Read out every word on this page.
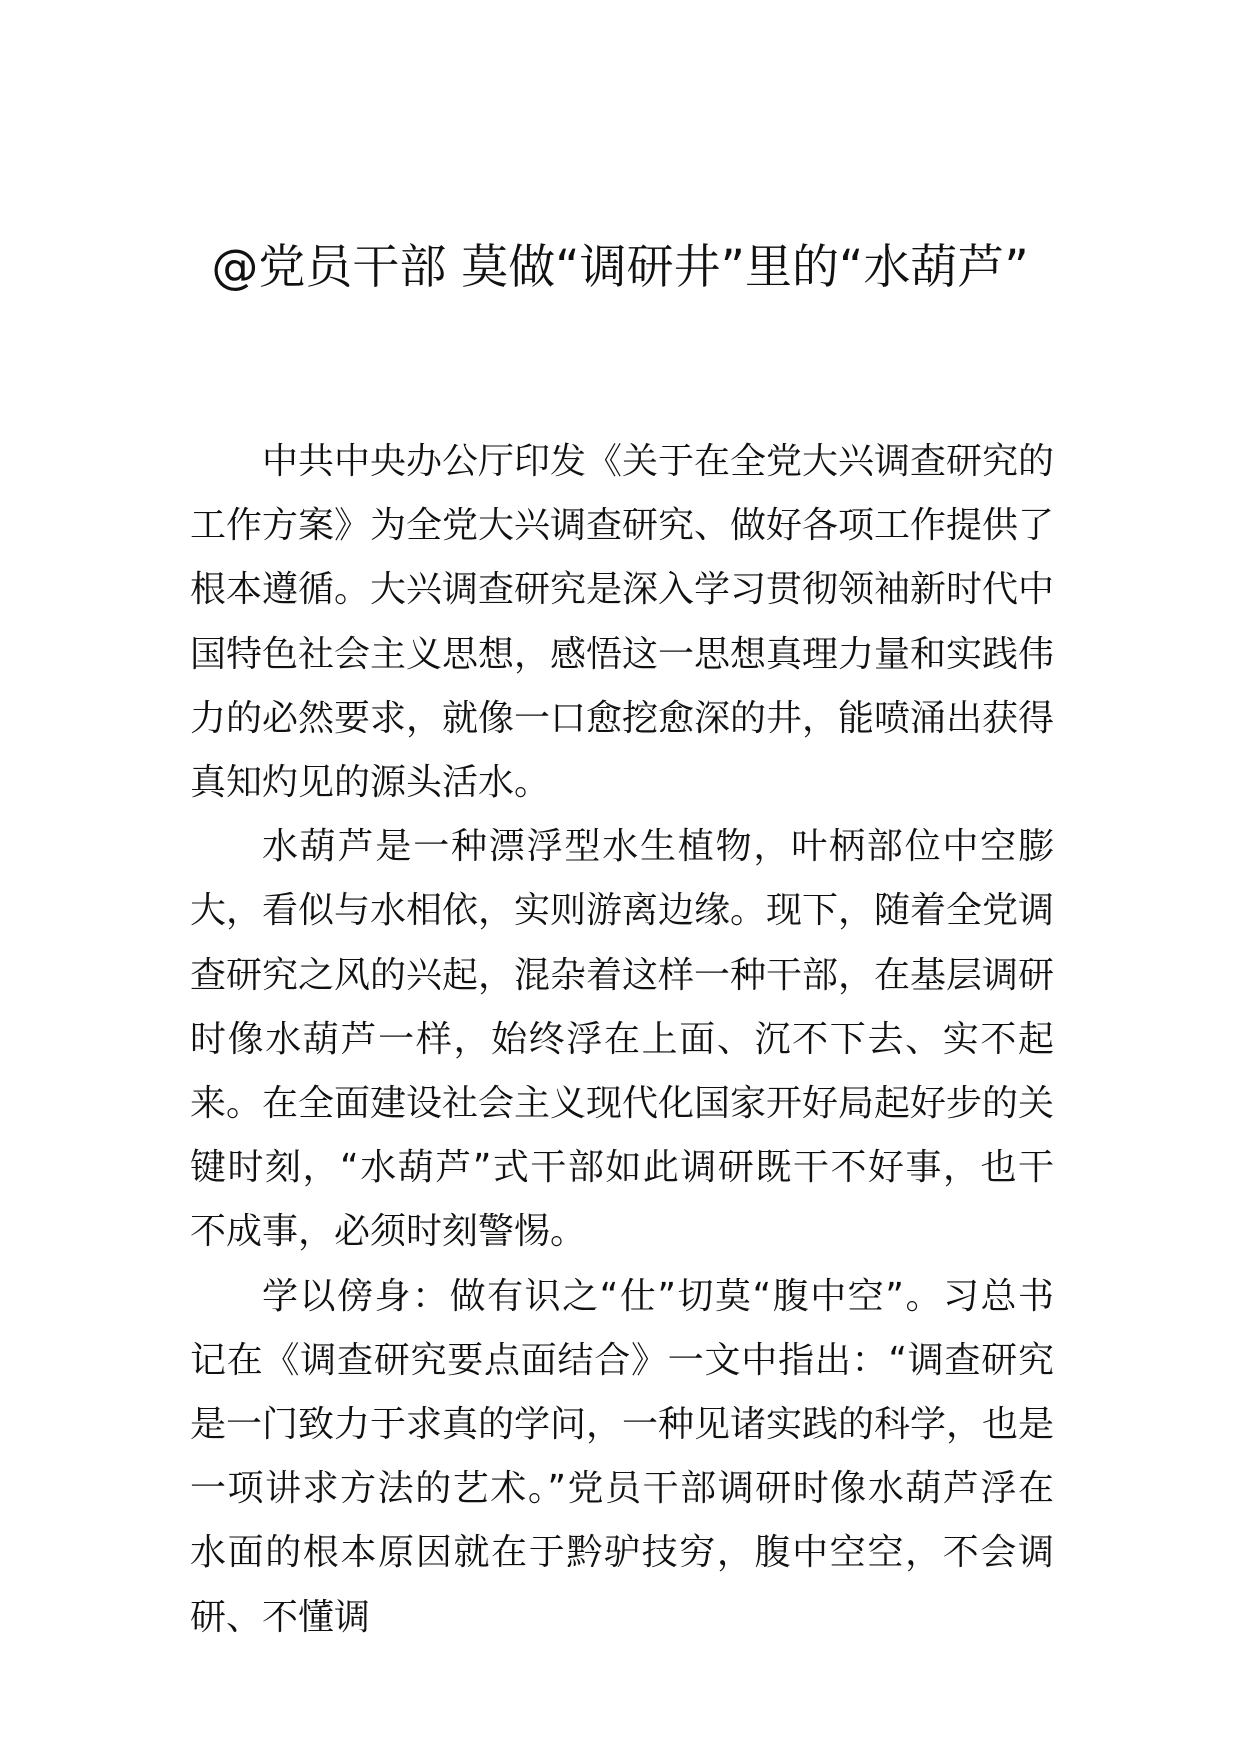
@党员干部 莫做“调研井”里的“水葫芦”

中共中央办公厅印发《关于在全党大兴调查研究的工作方案》为全党大兴调查研究、做好各项工作提供了根本遵循。大兴调查研究是深入学习贯彻领袖新时代中国特色社会主义思想，感悟这一思想真理力量和实践伟力的必然要求，就像一口愈挖愈深的井，能喷涌出获得真知灼见的源头活水。

水葫芦是一种漂浮型水生植物，叶柄部位中空膨大，看似与水相依，实则游离边缘。现下，随着全党调查研究之风的兴起，混杂着这样一种干部，在基层调研时像水葫芦一样，始终浮在上面、沉不下去、实不起来。在全面建设社会主义现代化国家开好局起好步的关键时刻，“水葫芦”式干部如此调研既干不好事，也干不成事，必须时刻警惕。

学以傍身：做有识之“仕”切莫“腹中空”。习总书记在《调查研究要点面结合》一文中指出：“调查研究是一门致力于求真的学问，一种见诸实践的科学，也是一项讲求方法的艺术。”党员干部调研时像水葫芦浮在水面的根本原因就在于黔驴技穷，腹中空空，不会调研、不懂调
